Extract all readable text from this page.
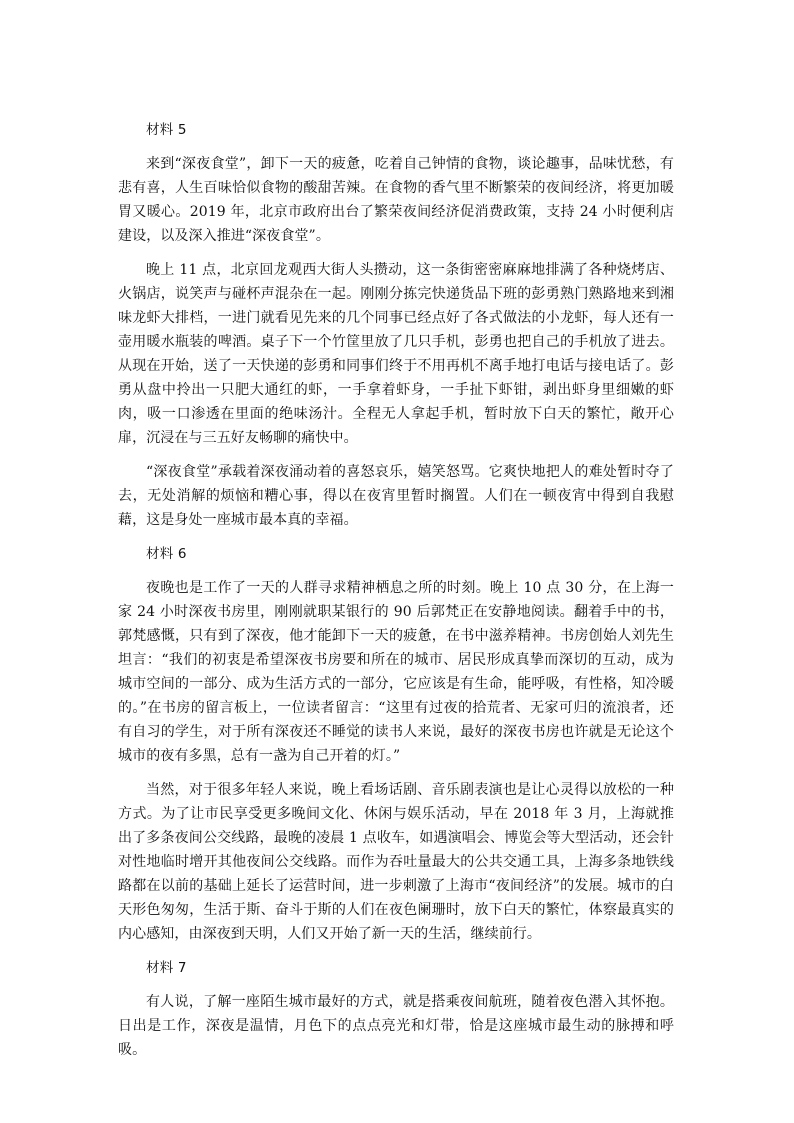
材料 5

来到“深夜食堂”，卸下一天的疲惫，吃着自己钟情的食物，谈论趣事，品味忧愁，有悲有喜，人生百味恰似食物的酸甜苦辣。在食物的香气里不断繁荣的夜间经济，将更加暖胃又暖心。2019 年，北京市政府出台了繁荣夜间经济促消费政策，支持 24 小时便利店建设，以及深入推进“深夜食堂”。

晚上 11 点，北京回龙观西大街人头攒动，这一条街密密麻麻地排满了各种烧烤店、火锅店，说笑声与碰杯声混杂在一起。刚刚分拣完快递货品下班的彭勇熟门熟路地来到湘味龙虾大排档，一进门就看见先来的几个同事已经点好了各式做法的小龙虾，每人还有一壶用暖水瓶装的啤酒。桌子下一个竹筐里放了几只手机，彭勇也把自己的手机放了进去。从现在开始，送了一天快递的彭勇和同事们终于不用再机不离手地打电话与接电话了。彭勇从盘中拎出一只肥大通红的虾，一手拿着虾身，一手扯下虾钳，剥出虾身里细嫩的虾肉，吸一口渗透在里面的绝味汤汁。全程无人拿起手机，暂时放下白天的繁忙，敞开心扉，沉浸在与三五好友畅聊的痛快中。

“深夜食堂”承载着深夜涌动着的喜怒哀乐，嬉笑怒骂。它爽快地把人的难处暂时夺了去，无处消解的烦恼和糟心事，得以在夜宵里暂时搁置。人们在一顿夜宵中得到自我慰藉，这是身处一座城市最本真的幸福。

材料 6

夜晚也是工作了一天的人群寻求精神栖息之所的时刻。晚上 10 点 30 分，在上海一家 24 小时深夜书房里，刚刚就职某银行的 90 后郭梵正在安静地阅读。翻着手中的书，郭梵感慨，只有到了深夜，他才能卸下一天的疲惫，在书中滋养精神。书房创始人刘先生坦言：“我们的初衷是希望深夜书房要和所在的城市、居民形成真挚而深切的互动，成为城市空间的一部分、成为生活方式的一部分，它应该是有生命，能呼吸，有性格，知冷暖的。”在书房的留言板上，一位读者留言：“这里有过夜的拾荒者、无家可归的流浪者，还有自习的学生，对于所有深夜还不睡觉的读书人来说，最好的深夜书房也许就是无论这个城市的夜有多黑，总有一盏为自己开着的灯。”

当然，对于很多年轻人来说，晚上看场话剧、音乐剧表演也是让心灵得以放松的一种方式。为了让市民享受更多晚间文化、休闲与娱乐活动，早在 2018 年 3 月，上海就推出了多条夜间公交线路，最晚的凌晨 1 点收车，如遇演唱会、博览会等大型活动，还会针对性地临时增开其他夜间公交线路。而作为吞吐量最大的公共交通工具，上海多条地铁线路都在以前的基础上延长了运营时间，进一步刺激了上海市“夜间经济”的发展。城市的白天形色匆匆，生活于斯、奋斗于斯的人们在夜色阑珊时，放下白天的繁忙，体察最真实的内心感知，由深夜到天明，人们又开始了新一天的生活，继续前行。

材料 7

有人说，了解一座陌生城市最好的方式，就是搭乘夜间航班，随着夜色潜入其怀抱。日出是工作，深夜是温情，月色下的点点亮光和灯带，恰是这座城市最生动的脉搏和呼吸。
